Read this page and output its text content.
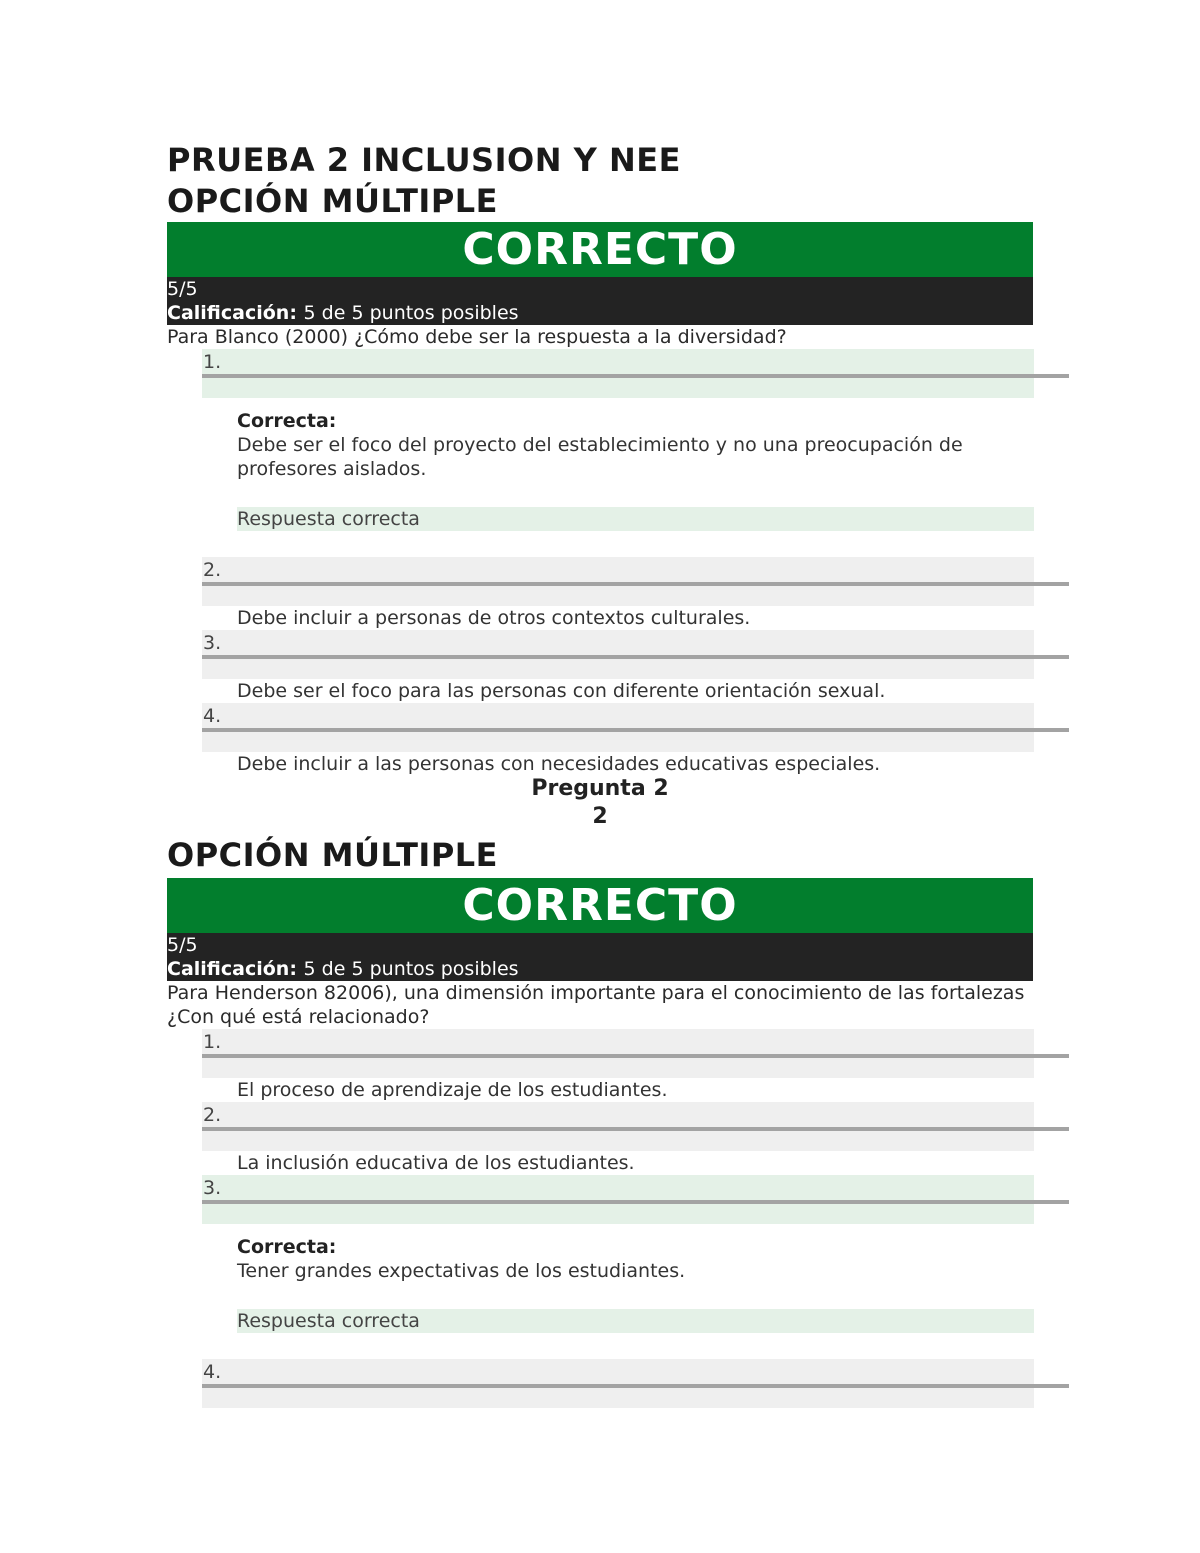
PRUEBA 2 INCLUSION Y NEE
OPCIÓN MÚLTIPLE
CORRECTO
5/5
Calificación: 5 de 5 puntos posibles
Para Blanco (2000) ¿Cómo debe ser la respuesta a la diversidad?
1.
Correcta:
Debe ser el foco del proyecto del establecimiento y no una preocupación de profesores aislados.
Respuesta correcta
2.
Debe incluir a personas de otros contextos culturales.
3.
Debe ser el foco para las personas con diferente orientación sexual.
4.
Debe incluir a las personas con necesidades educativas especiales.
Pregunta 2
2
OPCIÓN MÚLTIPLE
CORRECTO
5/5
Calificación: 5 de 5 puntos posibles
Para Henderson 82006), una dimensión importante para el conocimiento de las fortalezas ¿Con qué está relacionado?
1.
El proceso de aprendizaje de los estudiantes.
2.
La inclusión educativa de los estudiantes.
3.
Correcta:
Tener grandes expectativas de los estudiantes.
Respuesta correcta
4.
